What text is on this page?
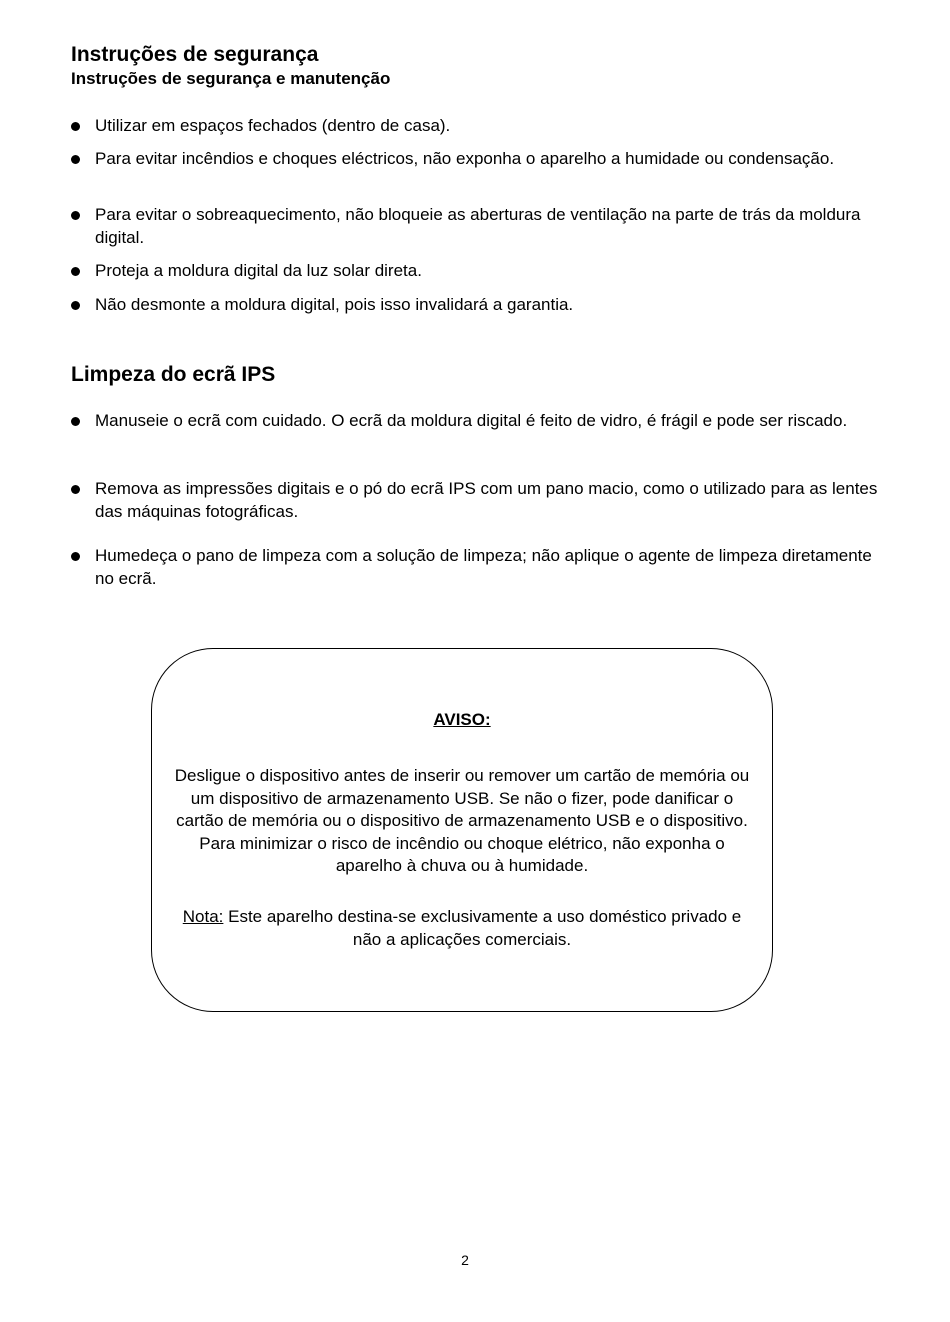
Instruções de segurança
Instruções de segurança e manutenção
Utilizar em espaços fechados (dentro de casa).
Para evitar incêndios e choques eléctricos, não exponha o aparelho a humidade ou condensação.
Para evitar o sobreaquecimento, não bloqueie as aberturas de ventilação na parte de trás da moldura digital.
Proteja a moldura digital da luz solar direta.
Não desmonte a moldura digital, pois isso invalidará a garantia.
Limpeza do ecrã IPS
Manuseie o ecrã com cuidado. O ecrã da moldura digital é feito de vidro, é frágil e pode ser riscado.
Remova as impressões digitais e o pó do ecrã IPS com um pano macio, como o utilizado para as lentes das máquinas fotográficas.
Humedeça o pano de limpeza com a solução de limpeza; não aplique o agente de limpeza diretamente no ecrã.
AVISO:

Desligue o dispositivo antes de inserir ou remover um cartão de memória ou um dispositivo de armazenamento USB. Se não o fizer, pode danificar o cartão de memória ou o dispositivo de armazenamento USB e o dispositivo. Para minimizar o risco de incêndio ou choque elétrico, não exponha o aparelho à chuva ou à humidade.

Nota: Este aparelho destina-se exclusivamente a uso doméstico privado e não a aplicações comerciais.

2
